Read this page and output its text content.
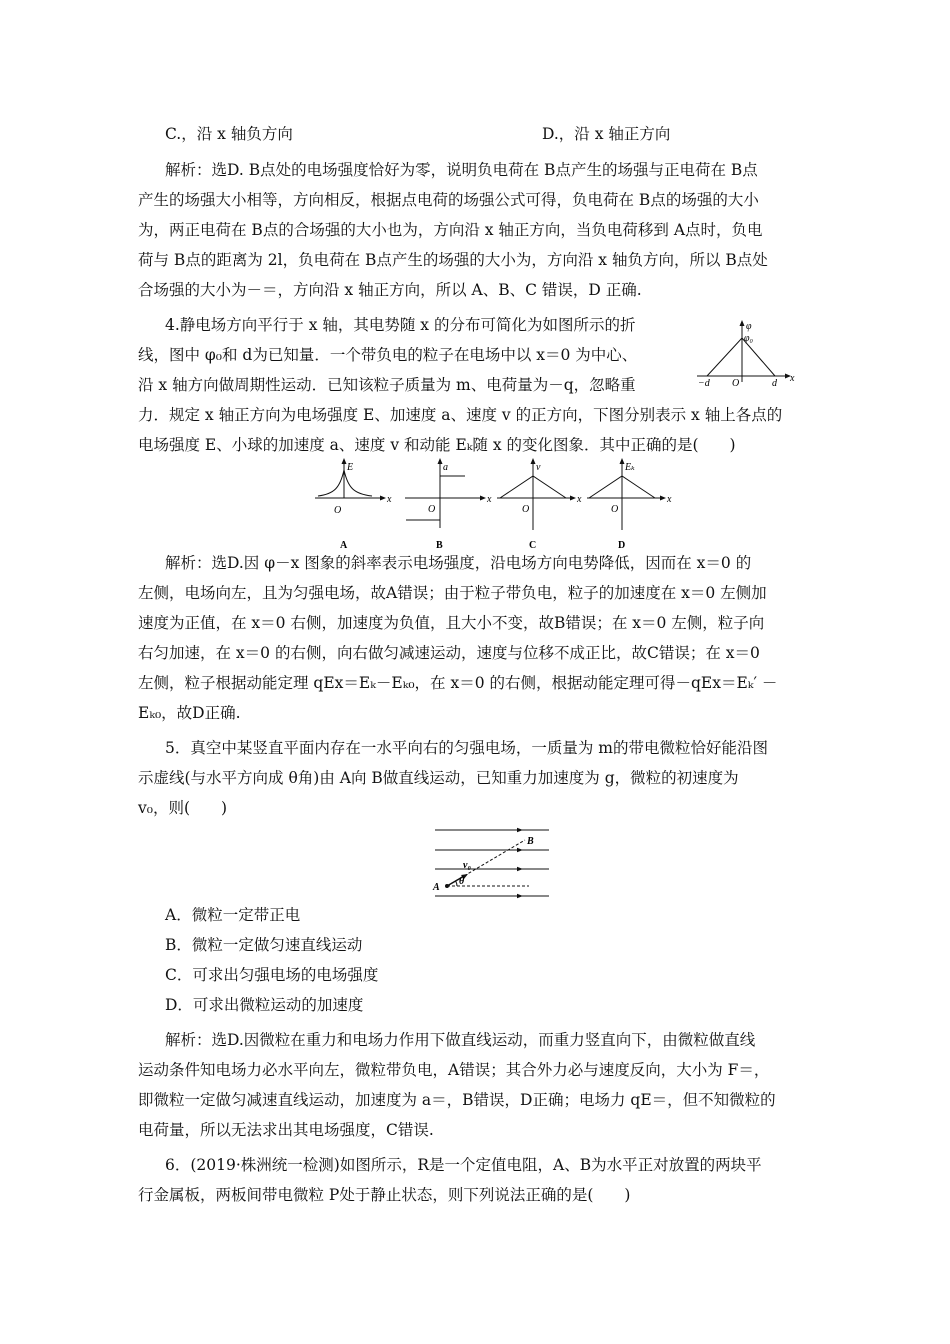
C.，沿 x 轴负方向	D.，沿 x 轴正方向
解析：选D. B点处的电场强度恰好为零，说明负电荷在 B点产生的场强与正电荷在 B点
产生的场强大小相等，方向相反，根据点电荷的场强公式可得，负电荷在 B点的场强的大小
为，两正电荷在 B点的合场强的大小也为，方向沿 x 轴正方向，当负电荷移到 A点时，负电
荷与 B点的距离为 2l，负电荷在 B点产生的场强的大小为，方向沿 x 轴负方向，所以 B点处
合场强的大小为－＝，方向沿 x 轴正方向，所以 A、B、C 错误，D 正确.
4.静电场方向平行于 x 轴，其电势随 x 的分布可简化为如图所示的折
线，图中 φ₀和 d为已知量．一个带负电的粒子在电场中以 x＝0 为中心、
沿 x 轴方向做周期性运动．已知该粒子质量为 m、电荷量为－q，忽略重
力．规定 x 轴正方向为电场强度 E、加速度 a、速度 v 的正方向，下图分别表示 x 轴上各点的
电场强度 E、小球的加速度 a、速度 v 和动能 Eₖ随 x 的变化图象．其中正确的是(　　)
φ
φ₀
x
−d O	d
E
x
O
A
a
x
O
B
v
x
O
C
Eₖ
x
O
D
解析：选D.因 φ－x 图象的斜率表示电场强度，沿电场方向电势降低，因而在 x＝0 的
左侧，电场向左，且为匀强电场，故A错误；由于粒子带负电，粒子的加速度在 x＝0 左侧加
速度为正值，在 x＝0 右侧，加速度为负值，且大小不变，故B错误；在 x＝0 左侧，粒子向
右匀加速，在 x＝0 的右侧，向右做匀减速运动，速度与位移不成正比，故C错误；在 x＝0
左侧，粒子根据动能定理 qEx＝Eₖ－Eₖ₀，在 x＝0 的右侧，根据动能定理可得－qEx＝Eₖ′ －
Eₖ₀，故D正确.
5．真空中某竖直平面内存在一水平向右的匀强电场，一质量为 m的带电微粒恰好能沿图
示虚线(与水平方向成 θ角)由 A向 B做直线运动，已知重力加速度为 g，微粒的初速度为
v₀，则(　　)
A
B
v₀
θ
A．微粒一定带正电
B．微粒一定做匀速直线运动
C．可求出匀强电场的电场强度
D．可求出微粒运动的加速度
解析：选D.因微粒在重力和电场力作用下做直线运动，而重力竖直向下，由微粒做直线
运动条件知电场力必水平向左，微粒带负电，A错误；其合外力必与速度反向，大小为 F＝，
即微粒一定做匀减速直线运动，加速度为 a＝，B错误，D正确；电场力 qE＝，但不知微粒的
电荷量，所以无法求出其电场强度，C错误.
6．(2019·株洲统一检测)如图所示，R是一个定值电阻，A、B为水平正对放置的两块平
行金属板，两板间带电微粒 P处于静止状态，则下列说法正确的是(　　)
